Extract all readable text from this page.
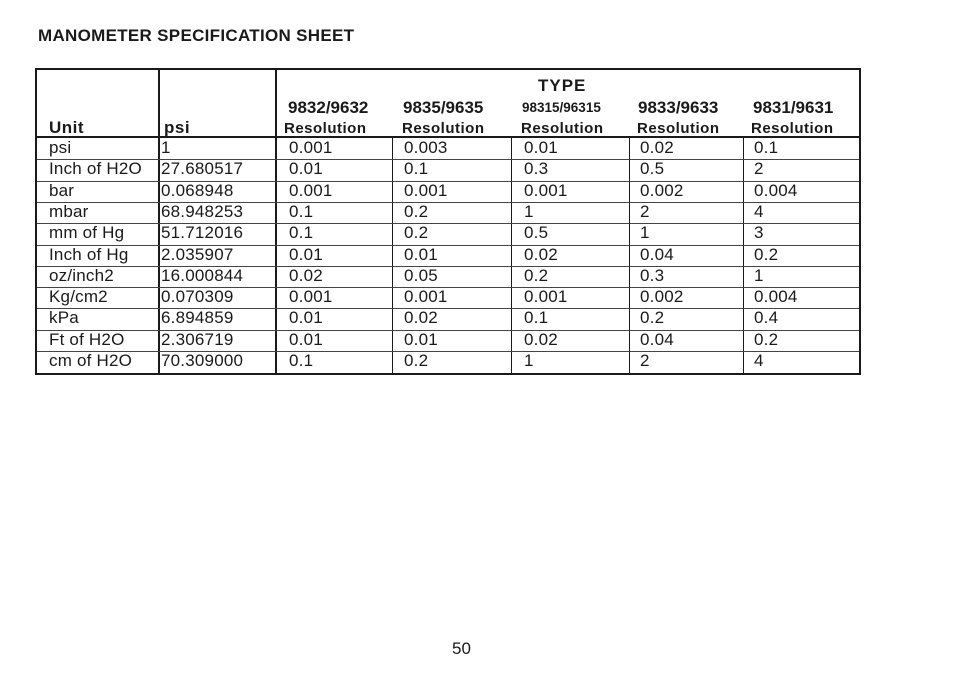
MANOMETER SPECIFICATION SHEET
TYPE
Unit	psi
9832/9632 9835/9635	98315/96315 9833/9633 9831/9631
Resolution Resolution Resolution Resolution Resolution
psi	1	0.001	0.003	0.01	0.02	0.1
Inch of H2O 27.680517	0.01	0.1	0.3	0.5	2
bar	0.068948	0.001	0.001	0.001	0.002	0.004
mbar	68.948253	0.1	0.2	1	2	4
mm of Hg 51.712016	0.1	0.2	0.5	1	3
Inch of Hg 2.035907	0.01	0.01	0.02	0.04	0.2
oz/inch2	16.000844	0.02	0.05	0.2	0.3	1
Kg/cm2	0.070309	0.001	0.001	0.001	0.002	0.004
kPa	6.894859	0.01	0.02	0.1	0.2	0.4
Ft of H2O 2.306719	0.01	0.01	0.02	0.04	0.2
cm of H2O 70.309000	0.1	0.2	1	2	4
50
